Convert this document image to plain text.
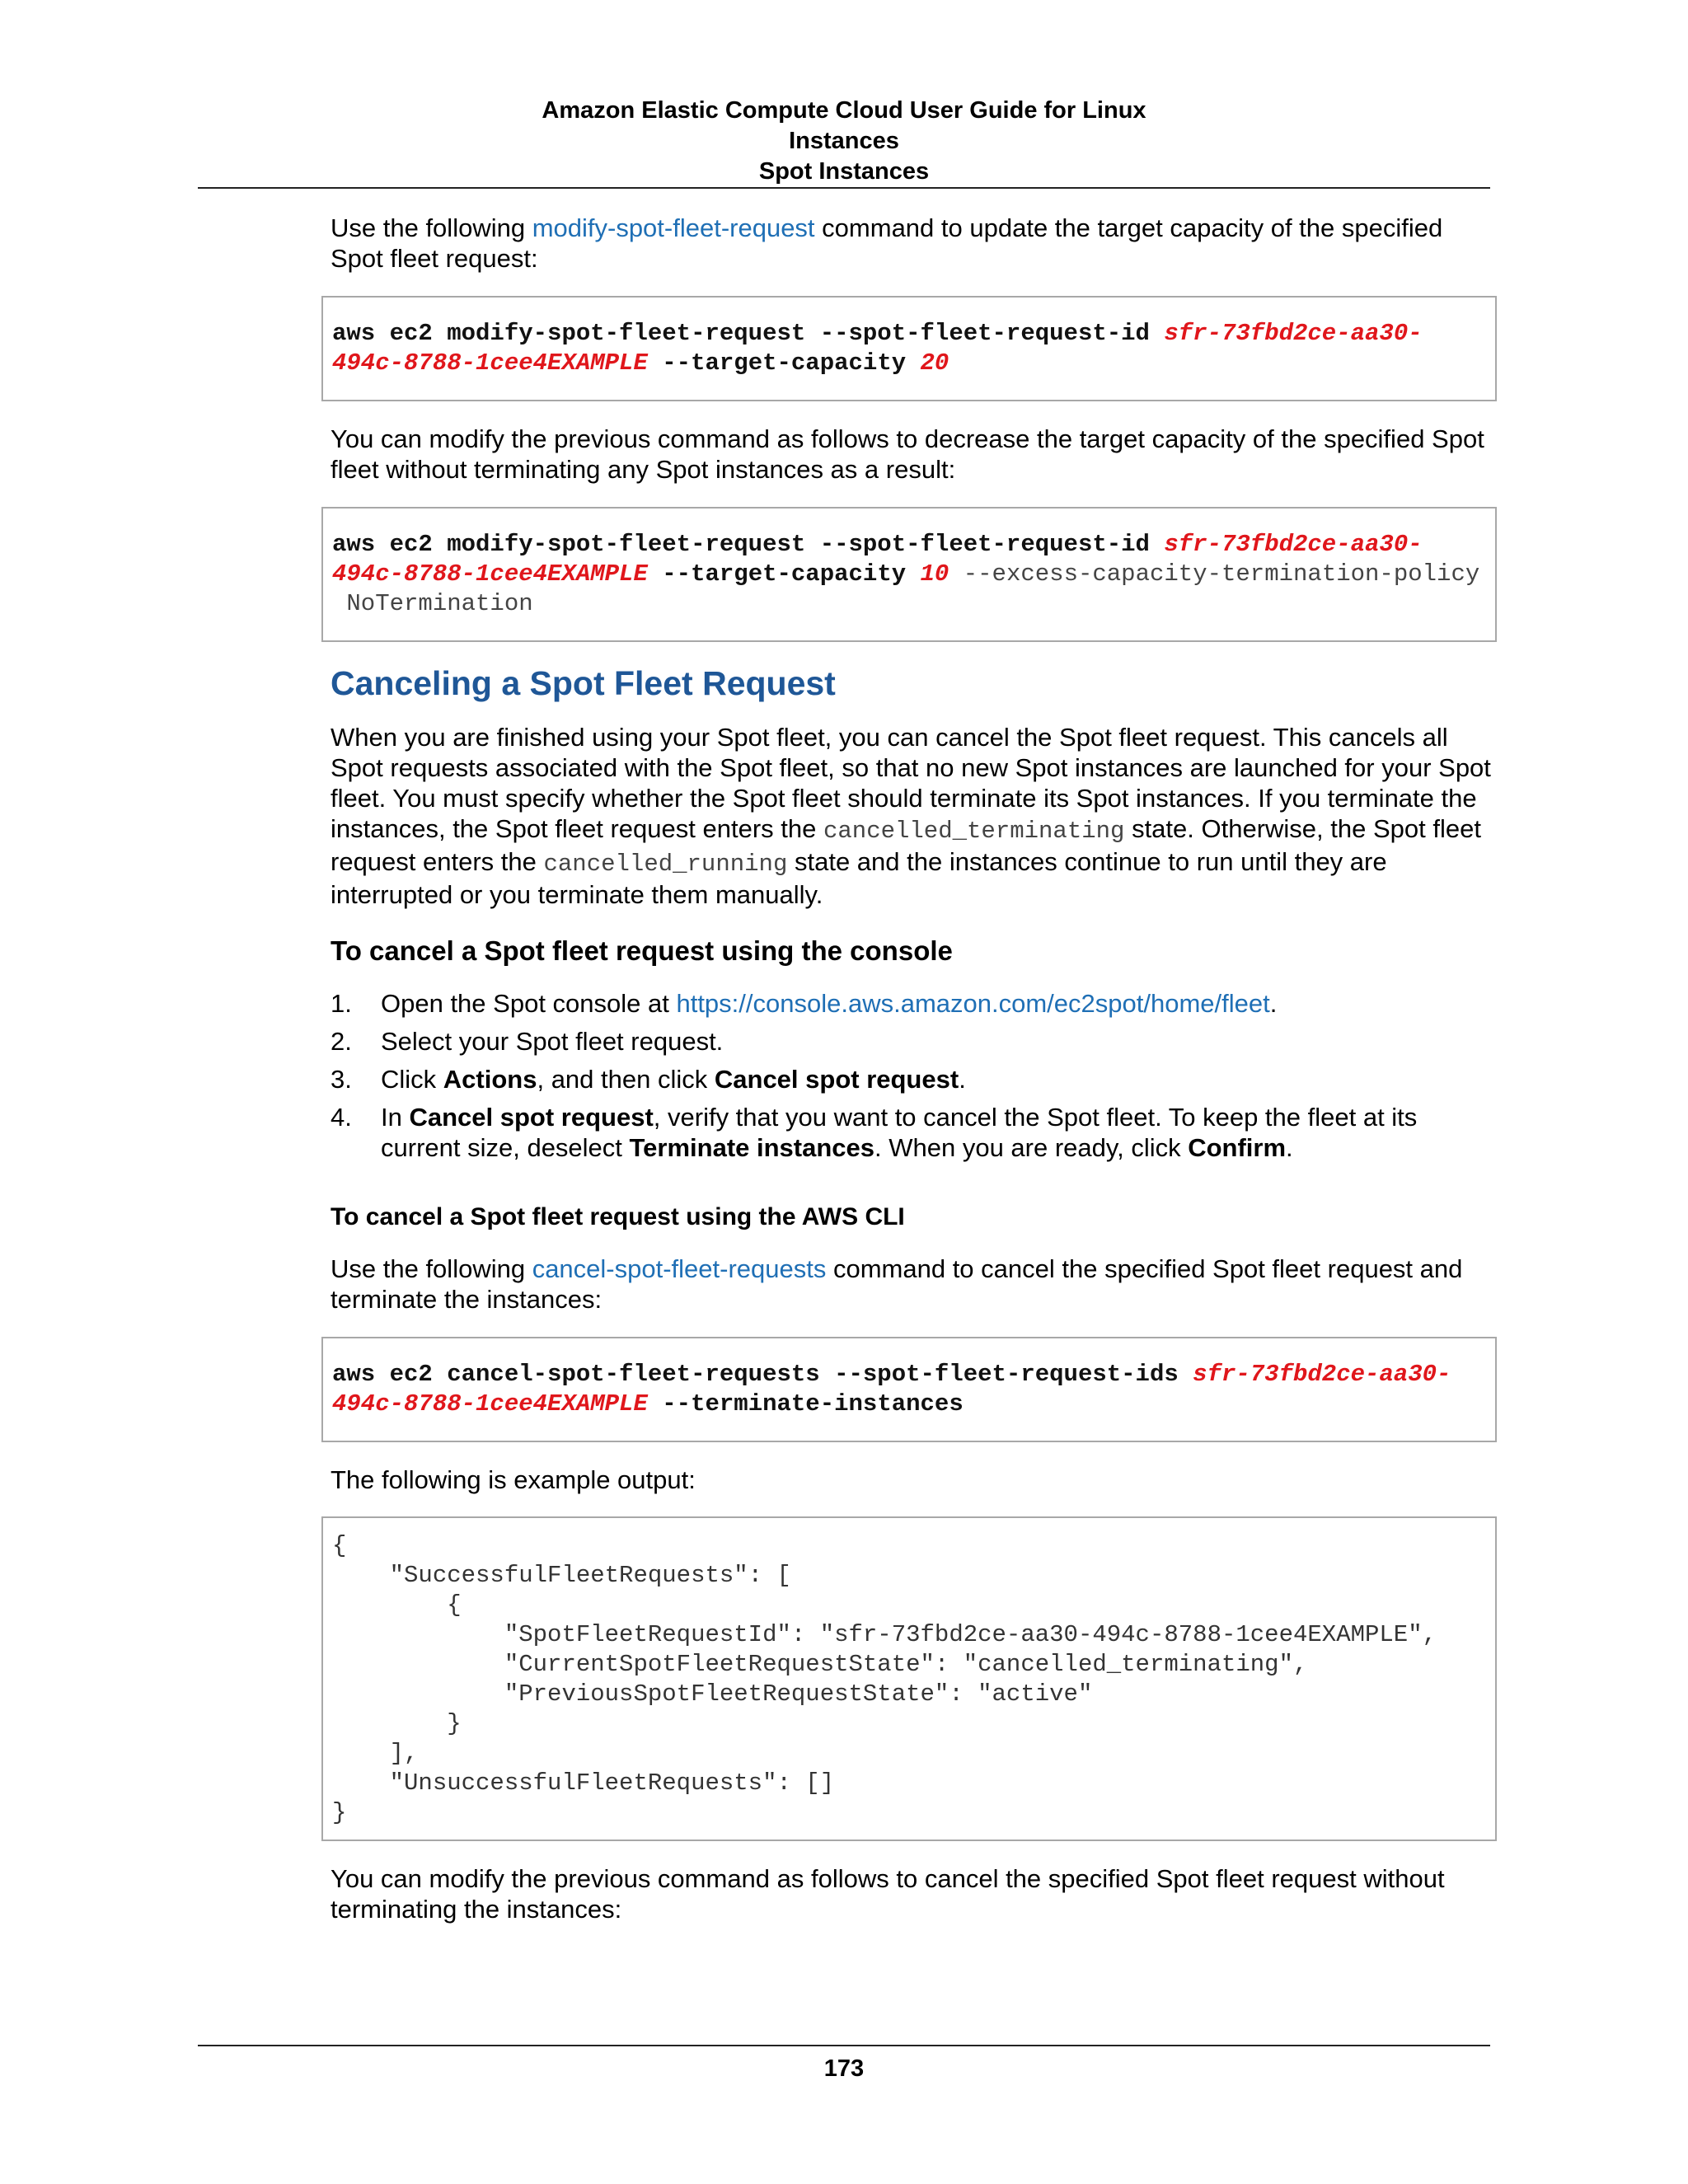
Amazon Elastic Compute Cloud User Guide for Linux
Instances
Spot Instances

Use the following modify-spot-fleet-request command to update the target capacity of the specified Spot fleet request:

aws ec2 modify-spot-fleet-request --spot-fleet-request-id sfr-73fbd2ce-aa30-
494c-8788-1cee4EXAMPLE --target-capacity 20

You can modify the previous command as follows to decrease the target capacity of the specified Spot fleet without terminating any Spot instances as a result:

aws ec2 modify-spot-fleet-request --spot-fleet-request-id sfr-73fbd2ce-aa30-
494c-8788-1cee4EXAMPLE --target-capacity 10 --excess-capacity-termination-policy
NoTermination
Canceling a Spot Fleet Request

When you are finished using your Spot fleet, you can cancel the Spot fleet request. This cancels all Spot requests associated with the Spot fleet, so that no new Spot instances are launched for your Spot fleet. You must specify whether the Spot fleet should terminate its Spot instances. If you terminate the instances, the Spot fleet request enters the cancelled_terminating state. Otherwise, the Spot fleet request enters the cancelled_running state and the instances continue to run until they are interrupted or you terminate them manually.

To cancel a Spot fleet request using the console
1. Open the Spot console at https://console.aws.amazon.com/ec2spot/home/fleet.
2. Select your Spot fleet request.
3. Click Actions, and then click Cancel spot request.
4. In Cancel spot request, verify that you want to cancel the Spot fleet. To keep the fleet at its current size, deselect Terminate instances. When you are ready, click Confirm.
To cancel a Spot fleet request using the AWS CLI

Use the following cancel-spot-fleet-requests command to cancel the specified Spot fleet request and terminate the instances:

aws ec2 cancel-spot-fleet-requests --spot-fleet-request-ids sfr-73fbd2ce-aa30-
494c-8788-1cee4EXAMPLE --terminate-instances

The following is example output:

{
"SuccessfulFleetRequests": [
{
"SpotFleetRequestId": "sfr-73fbd2ce-aa30-494c-8788-1cee4EXAMPLE",
"CurrentSpotFleetRequestState": "cancelled_terminating",
"PreviousSpotFleetRequestState": "active"
}
],
"UnsuccessfulFleetRequests": []
}

You can modify the previous command as follows to cancel the specified Spot fleet request without terminating the instances:

173
